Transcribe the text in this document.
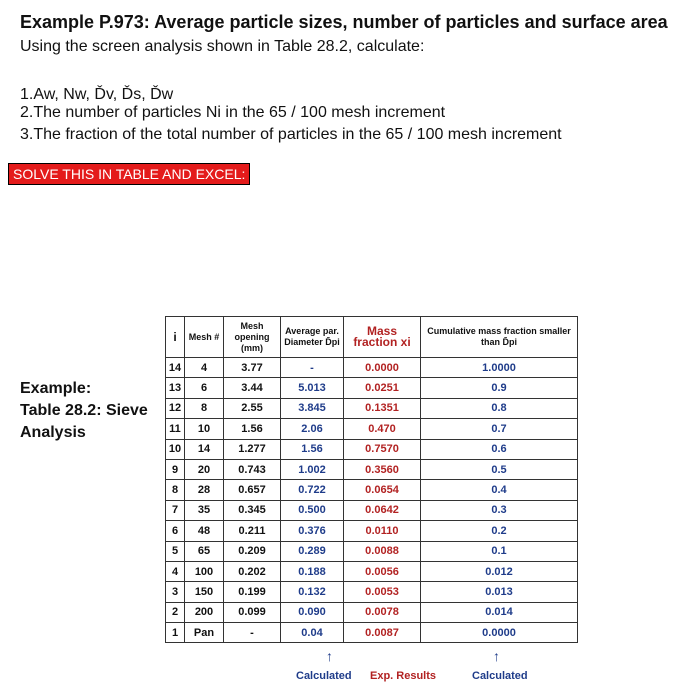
Example P.973: Average particle sizes, number of particles and surface area
Using the screen analysis shown in Table 28.2, calculate:
1.Aw, Nw, Ďv, Ďs, Ďw
2.The number of particles Ni in the 65 / 100 mesh increment
3.The fraction of the total number of particles in the 65 / 100 mesh increment
SOLVE THIS IN TABLE AND EXCEL:
Example:
Table 28.2: Sieve
Analysis
i	Mesh #	Mesh opening (mm)	Average par. Diameter D̄pi	Mass fraction xi	Cumulative mass fraction smaller than D̄pi
14	4	3.77	-	0.0000	1.0000
13	6	3.44	5.013	0.0251	0.9
12	8	2.55	3.845	0.1351	0.8
11	10	1.56	2.06	0.470	0.7
10	14	1.277	1.56	0.7570	0.6
9	20	0.743	1.002	0.3560	0.5
8	28	0.657	0.722	0.0654	0.4
7	35	0.345	0.500	0.0642	0.3
6	48	0.211	0.376	0.0110	0.2
5	65	0.209	0.289	0.0088	0.1
4	100	0.202	0.188	0.0056	0.012
3	150	0.199	0.132	0.0053	0.013
2	200	0.099	0.090	0.0078	0.014
1	Pan	-	0.04	0.0087	0.0000
↑	↑
Calculated Exp. Results	Calculated
